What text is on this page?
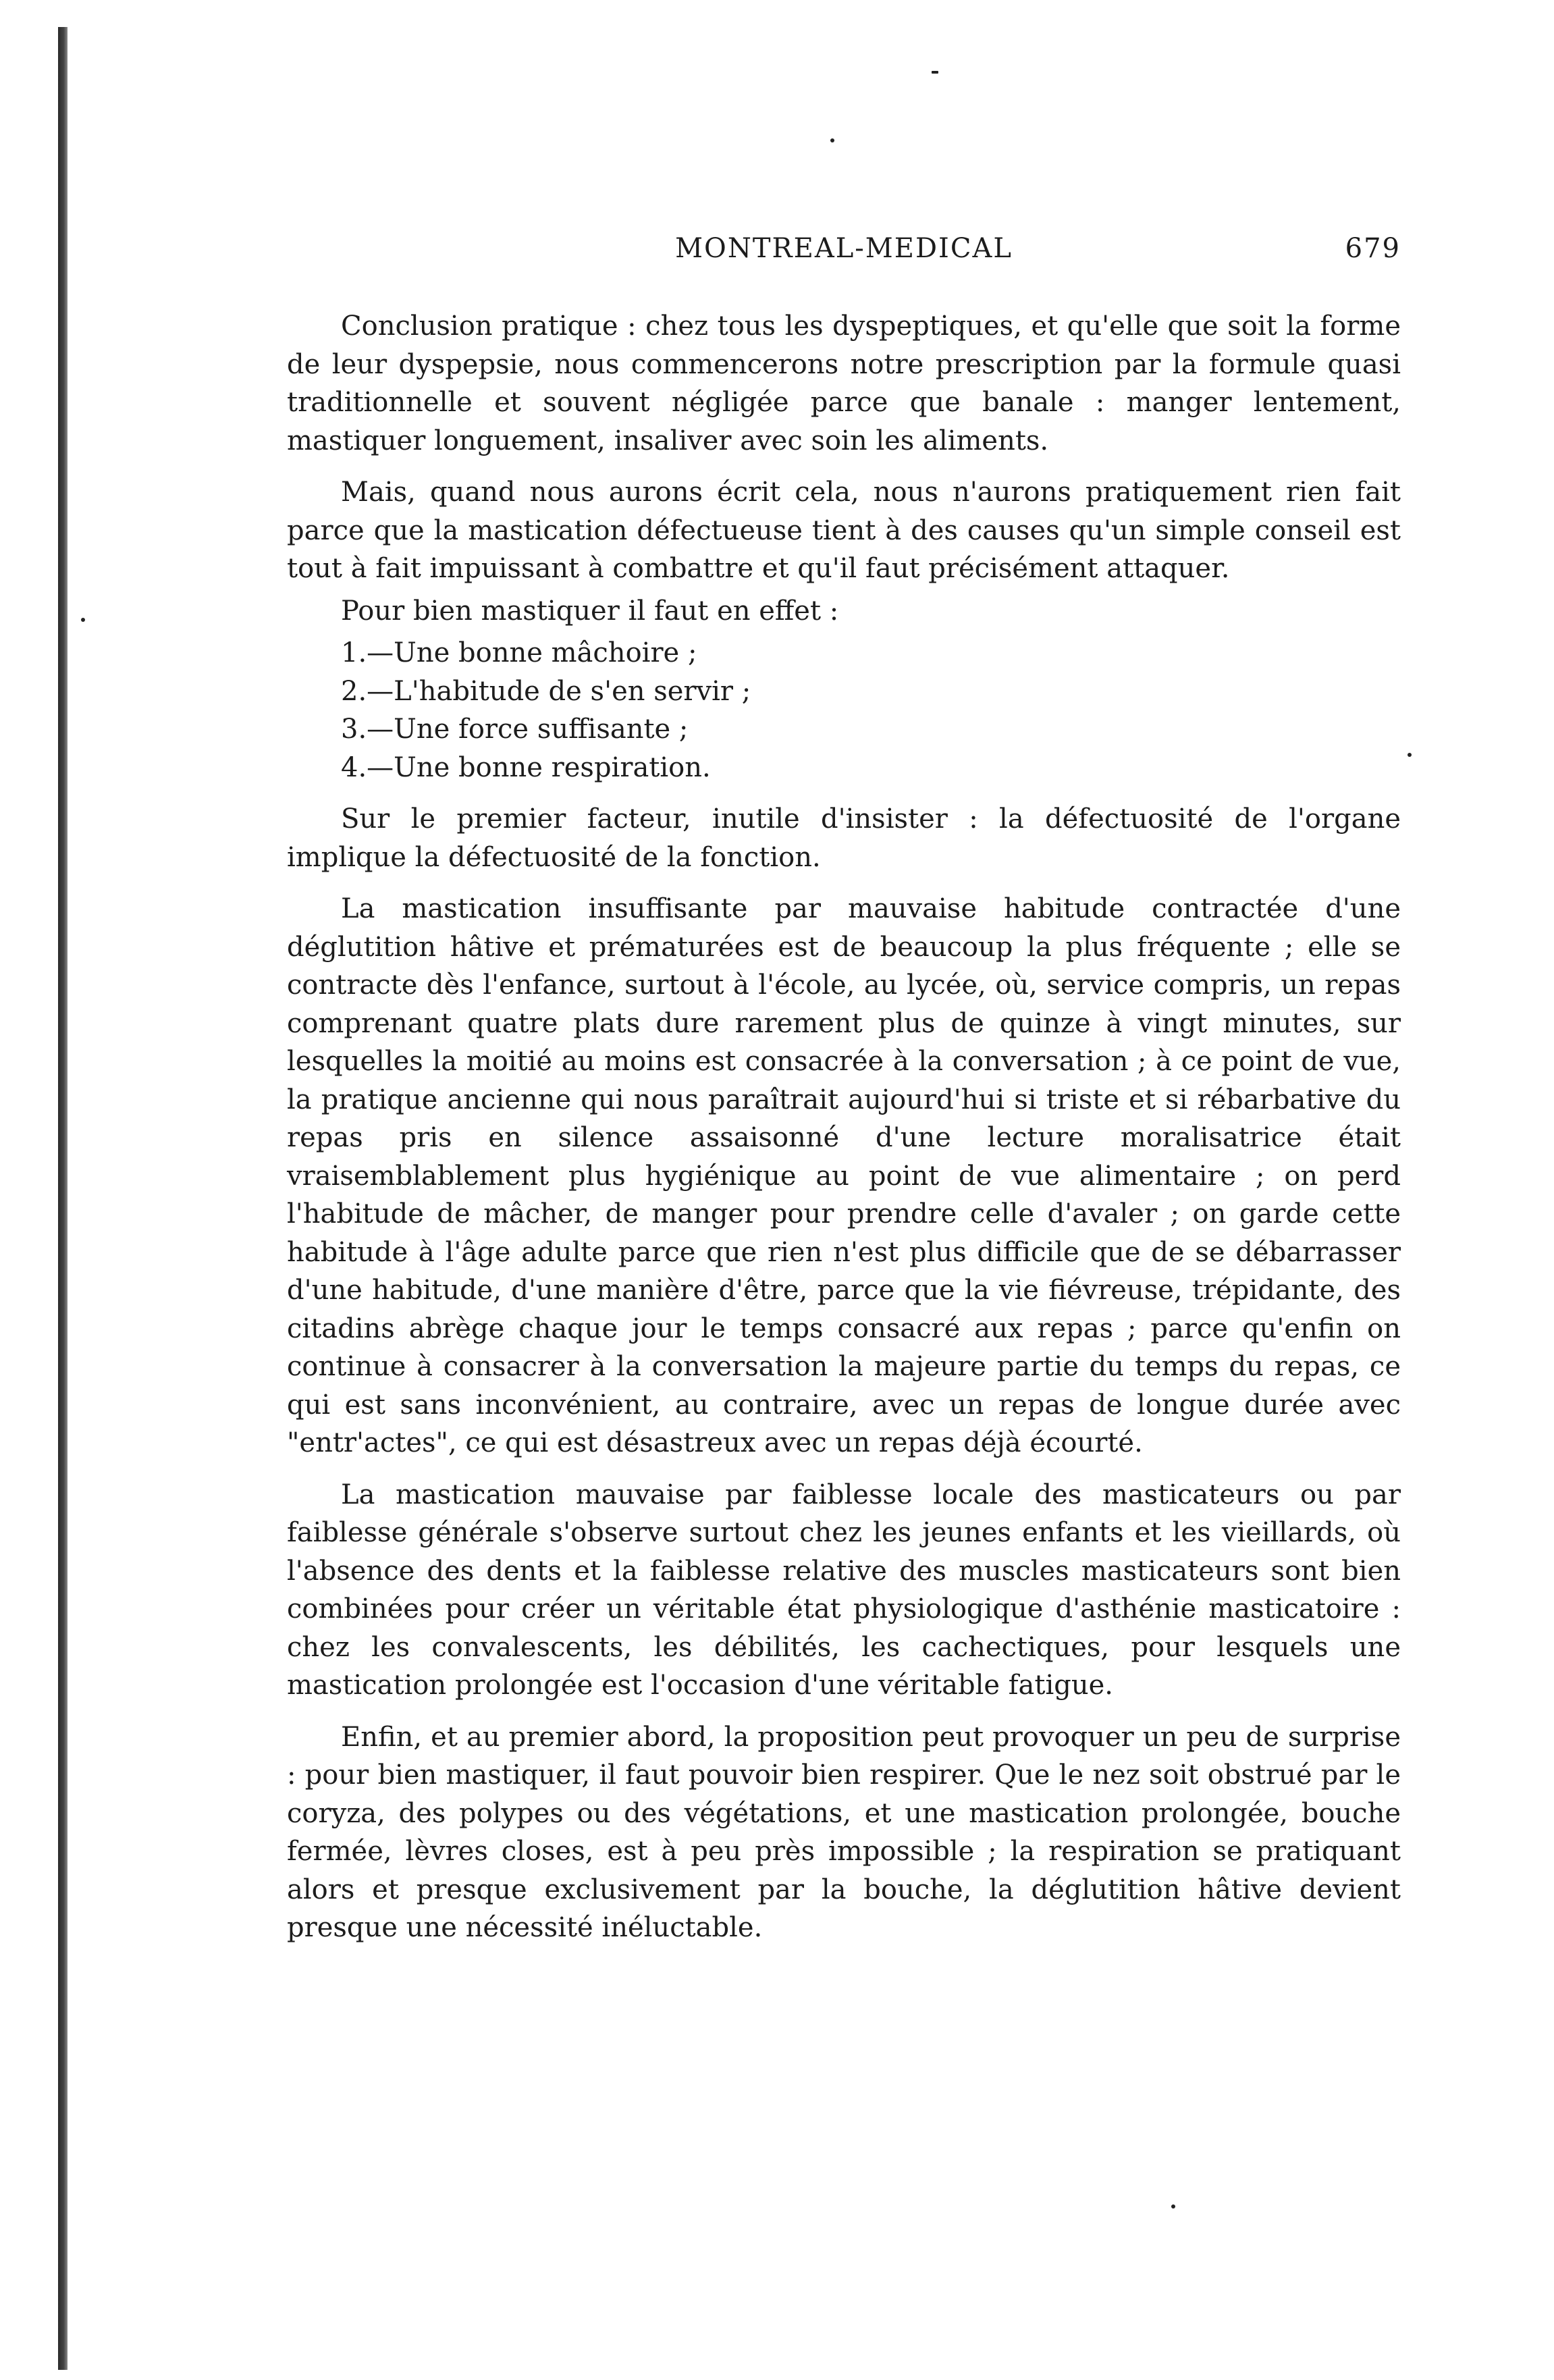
MONTREAL-MEDICAL	679

Conclusion pratique : chez tous les dyspeptiques, et qu'elle que soit la forme de leur dyspepsie, nous commencerons notre prescription par la formule quasi traditionnelle et souvent négligée parce que banale : manger lentement, mastiquer longuement, insaliver avec soin les aliments.

Mais, quand nous aurons écrit cela, nous n'aurons pratiquement rien fait parce que la mastication défectueuse tient à des causes qu'un simple conseil est tout à fait impuissant à combattre et qu'il faut précisément attaquer.

Pour bien mastiquer il faut en effet :

1.—Une bonne mâchoire ;
2.—L'habitude de s'en servir ;
3.—Une force suffisante ;
4.—Une bonne respiration.

Sur le premier facteur, inutile d'insister : la défectuosité de l'organe implique la défectuosité de la fonction.

La mastication insuffisante par mauvaise habitude contractée d'une déglutition hâtive et prématurées est de beaucoup la plus fréquente ; elle se contracte dès l'enfance, surtout à l'école, au lycée, où, service compris, un repas comprenant quatre plats dure rarement plus de quinze à vingt minutes, sur lesquelles la moitié au moins est consacrée à la conversation ; à ce point de vue, la pratique ancienne qui nous paraîtrait aujourd'hui si triste et si rébarbative du repas pris en silence assaisonné d'une lecture moralisatrice était vraisemblablement plus hygiénique au point de vue alimentaire ; on perd l'habitude de mâcher, de manger pour prendre celle d'avaler ; on garde cette habitude à l'âge adulte parce que rien n'est plus difficile que de se débarrasser d'une habitude, d'une manière d'être, parce que la vie fiévreuse, trépidante, des citadins abrège chaque jour le temps consacré aux repas ; parce qu'enfin on continue à consacrer à la conversation la majeure partie du temps du repas, ce qui est sans inconvénient, au contraire, avec un repas de longue durée avec "entr'actes", ce qui est désastreux avec un repas déjà écourté.

La mastication mauvaise par faiblesse locale des masticateurs ou par faiblesse générale s'observe surtout chez les jeunes enfants et les vieillards, où l'absence des dents et la faiblesse relative des muscles masticateurs sont bien combinées pour créer un véritable état physiologique d'asthénie masticatoire : chez les convalescents, les débilités, les cachectiques, pour lesquels une mastication prolongée est l'occasion d'une véritable fatigue.

Enfin, et au premier abord, la proposition peut provoquer un peu de surprise : pour bien mastiquer, il faut pouvoir bien respirer. Que le nez soit obstrué par le coryza, des polypes ou des végétations, et une mastication prolongée, bouche fermée, lèvres closes, est à peu près impossible ; la respiration se pratiquant alors et presque exclusivement par la bouche, la déglutition hâtive devient presque une nécessité inéluctable.
